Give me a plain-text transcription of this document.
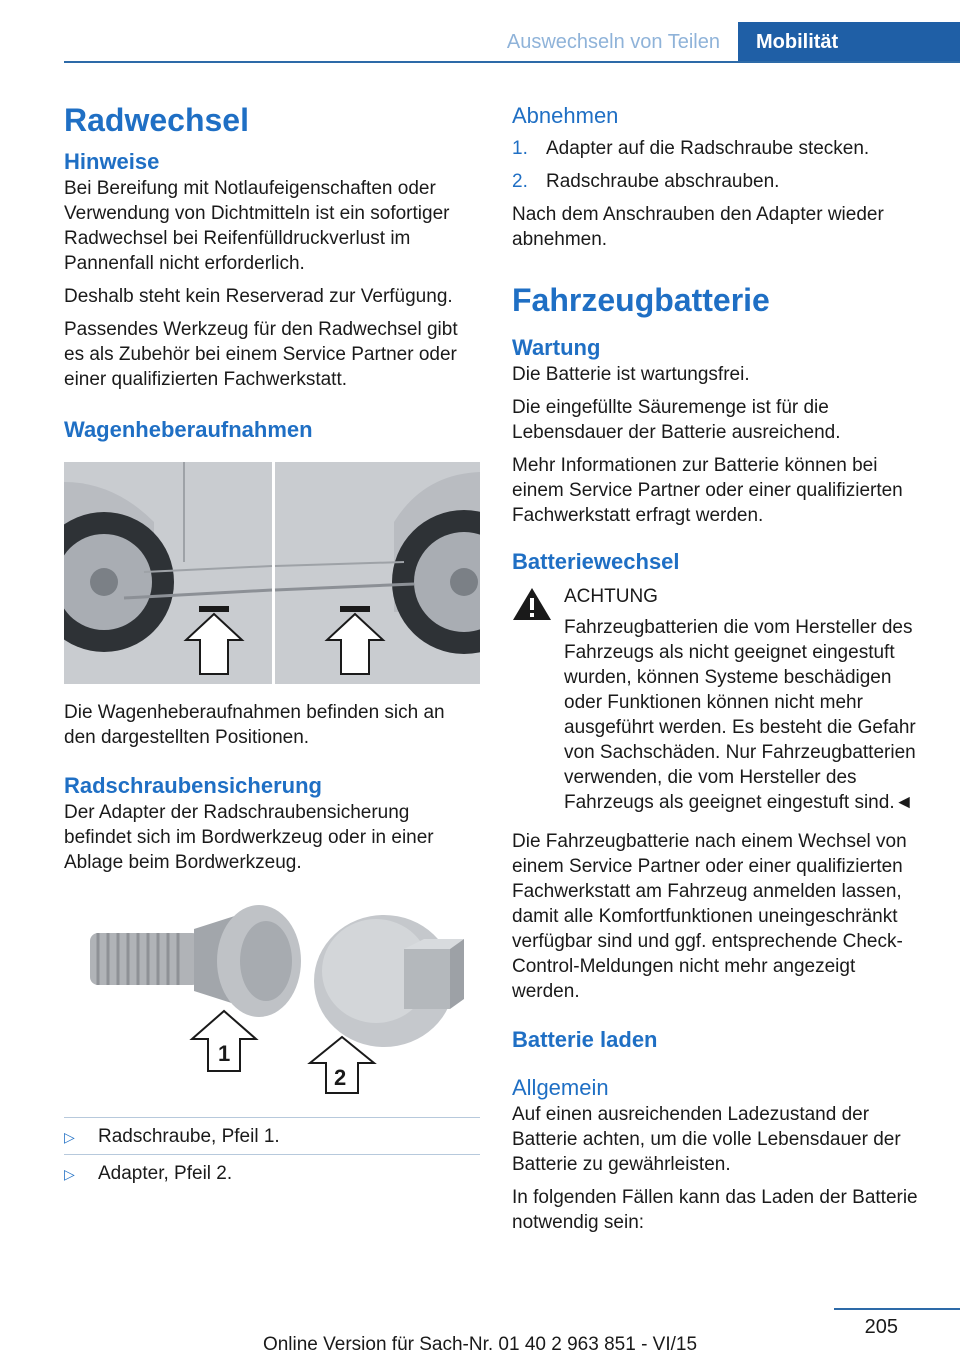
Auswechseln von Teilen	Mobilität
Radwechsel
Hinweise

Bei Bereifung mit Notlaufeigenschaften oder Verwendung von Dichtmitteln ist ein sofortiger Radwechsel bei Reifenfülldruckverlust im Pannenfall nicht erforderlich.

Deshalb steht kein Reserverad zur Verfügung.

Passendes Werkzeug für den Radwechsel gibt es als Zubehör bei einem Service Partner oder einer qualifizierten Fachwerkstatt.

Wagenheberaufnahmen

Die Wagenheberaufnahmen befinden sich an den dargestellten Positionen.

Radschraubensicherung

Der Adapter der Radschraubensicherung befindet sich im Bordwerkzeug oder in einer Ablage beim Bordwerkzeug.

1
2
▷	Radschraube, Pfeil 1.
▷	Adapter, Pfeil 2.
Abnehmen
1. Adapter auf die Radschraube stecken.
2. Radschraube abschrauben.

Nach dem Anschrauben den Adapter wieder abnehmen.

Fahrzeugbatterie
Wartung

Die Batterie ist wartungsfrei.

Die eingefüllte Säuremenge ist für die Lebensdauer der Batterie ausreichend.

Mehr Informationen zur Batterie können bei einem Service Partner oder einer qualifizierten Fachwerkstatt erfragt werden.

Batteriewechsel
ACHTUNG
Fahrzeugbatterien die vom Hersteller des Fahrzeugs als nicht geeignet eingestuft wurden, können Systeme beschädigen oder Funktionen können nicht mehr ausgeführt werden. Es besteht die Gefahr von Sachschäden. Nur Fahrzeugbatterien verwenden, die vom Hersteller des Fahrzeugs als geeignet eingestuft sind.◄

Die Fahrzeugbatterie nach einem Wechsel von einem Service Partner oder einer qualifizierten Fachwerkstatt am Fahrzeug anmelden lassen, damit alle Komfortfunktionen uneingeschränkt verfügbar sind und ggf. entsprechende Check-Control-Meldungen nicht mehr angezeigt werden.

Batterie laden
Allgemein

Auf einen ausreichenden Ladezustand der Batterie achten, um die volle Lebensdauer der Batterie zu gewährleisten.

In folgenden Fällen kann das Laden der Batterie notwendig sein:

205
Online Version für Sach-Nr. 01 40 2 963 851 - VI/15
